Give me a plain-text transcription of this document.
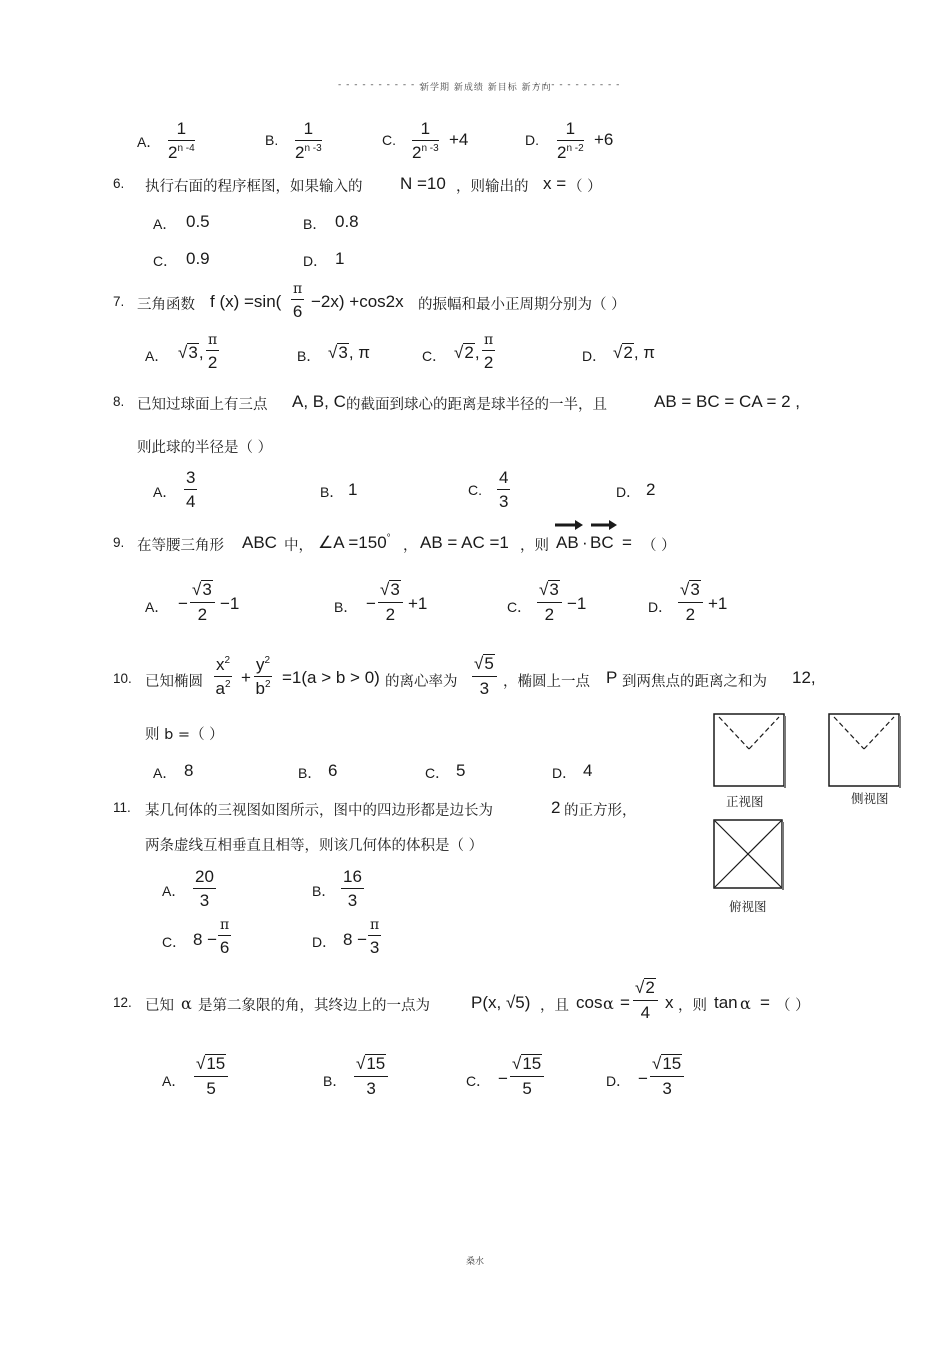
- - - - - - - - - - -
新学期 新成绩 新目标 新方向
- - - - - - - - - - -
A． $\frac{1}{2^{n -4}}$	B. $\frac{1}{2^{n -3}}$	C. $\frac{1}{2^{n -3}} +4$	D. $\frac{1}{2^{n -2}} +6$
6. 执行右面的程序框图，如果输入的 N =10 ，则输出的 x = （ ）
A． 0.5	B． 0.8
C． 0.9	D． 1
7. 三角函数 f (x) =sin(
π
6
−2x) +cos2x 的振幅和最小正周期分别为（ ）
A． √3,
π
2	B． √3, π	C． √2,
π
2	D． √2, π
8. 已知过球面上有三点 A, B, C 的截面到球心的距离是球半径的一半，且	AB = BC = CA = 2 ,
则此球的半径是（ ）
A． $\frac{3}{4}$	B． 1	C. $\frac{4}{3}$	D． 2
9. 在等腰三角形 ABC 中， ∠A =150° ， AB = AC =1 ，则 AB · BC = （ ）
A． − $\frac{√3}{2} -1$	B． − $\frac{√3}{2} +1$	C． $\frac{√3}{2} -1$	D． $\frac{√3}{2} +1$
10. 已知椭圆 $\frac{x^2}{a^2} + \frac{y^2}{b^2} =1(a > b > 0)$ 的离心率为 $\frac{√5}{3}$ ，椭圆上一点 P 到两焦点的距离之和为 12,
则 b =（ ）
A． 8	B． 6	C． 5	D． 4
正视图	侧视图
俯视图
11. 某几何体的三视图如图所示，图中的四边形都是边长为	2 的正方形，
两条虚线互相垂直且相等，则该几何体的体积是（ ）
A． $\frac{20}{3}$	B． $\frac{16}{3}$
C． 8 −
π
6	D． 8 −
π
3
12. 已知 α 是第二象限的角，其终边上的一点为 P(x, √5) ，且 $\cos \alpha = \frac{√2}{4}$ x ，则 tan α = （ ）
A． $\frac{√15}{5}$	B． $\frac{√15}{3}$	C． − $\frac{√15}{5}$	D． − $\frac{√15}{3}$
桑水
